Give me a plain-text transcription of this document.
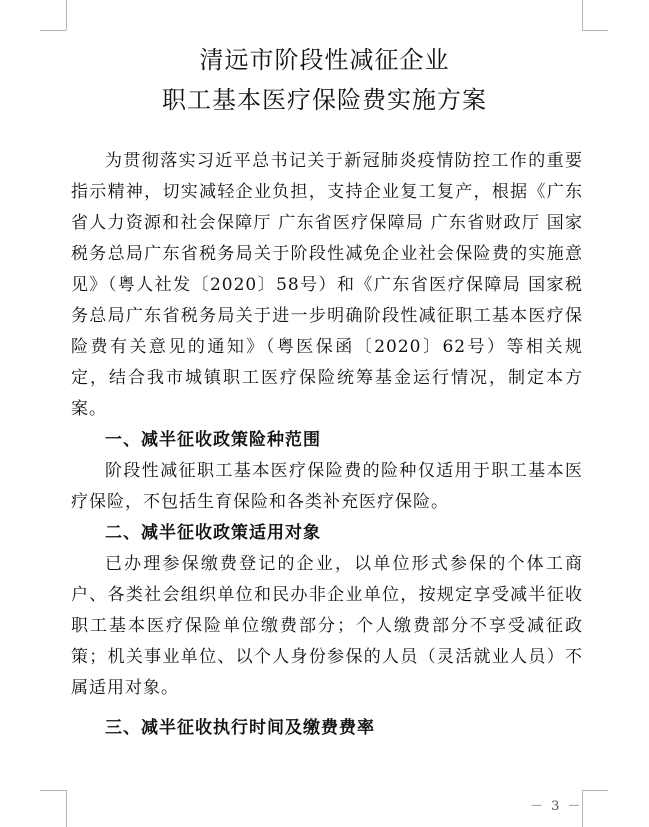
清远市阶段性减征企业
职工基本医疗保险费实施方案

为贯彻落实习近平总书记关于新冠肺炎疫情防控工作的重要指示精神，切实减轻企业负担，支持企业复工复产，根据《广东省人力资源和社会保障厅 广东省医疗保障局 广东省财政厅 国家税务总局广东省税务局关于阶段性减免企业社会保险费的实施意见》（粤人社发〔2020〕58号）和《广东省医疗保障局 国家税务总局广东省税务局关于进一步明确阶段性减征职工基本医疗保险费有关意见的通知》（粤医保函〔2020〕62号）等相关规定，结合我市城镇职工医疗保险统筹基金运行情况，制定本方案。

一、减半征收政策险种范围

阶段性减征职工基本医疗保险费的险种仅适用于职工基本医疗保险，不包括生育保险和各类补充医疗保险。

二、减半征收政策适用对象

已办理参保缴费登记的企业，以单位形式参保的个体工商户、各类社会组织单位和民办非企业单位，按规定享受减半征收职工基本医疗保险单位缴费部分；个人缴费部分不享受减征政策；机关事业单位、以个人身份参保的人员（灵活就业人员）不属适用对象。

三、减半征收执行时间及缴费费率
－ 3 －
